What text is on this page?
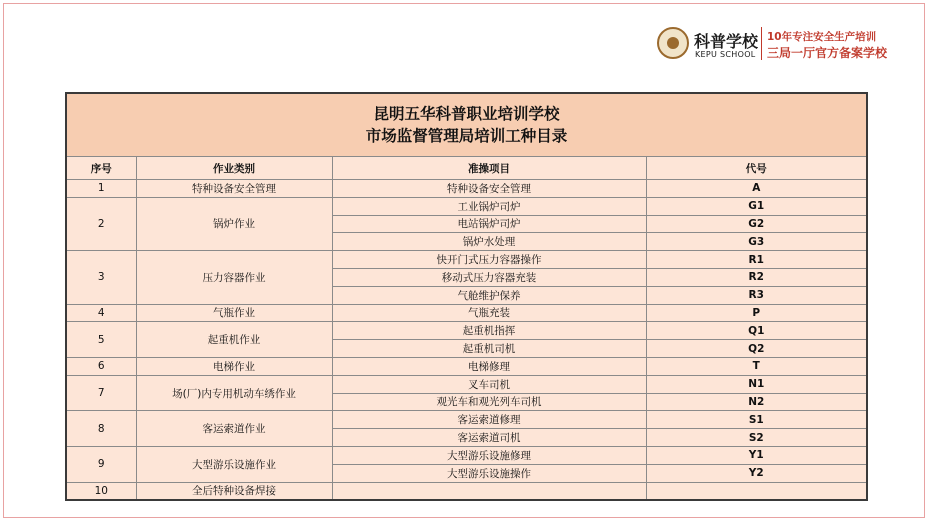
科普学校
KEPU SCHOOL
10年专注安全生产培训
三局一厅官方备案学校
昆明五华科普职业培训学校
市场监督管理局培训工种目录			

序号	作业类别	准操项目	代号
1	特种设备安全管理	特种设备安全管理	A
2	锅炉作业	工业锅炉司炉	G1
		电站锅炉司炉	G2
		锅炉水处理	G3
3	压力容器作业	快开门式压力容器操作	R1
		移动式压力容器充装	R2
		气舱维护保养	R3
4	气瓶作业	气瓶充装	P
5	起重机作业	起重机指挥	Q1
		起重机司机	Q2
6	电梯作业	电梯修理	T
7	场(厂)内专用机动车绣作业	叉车司机	N1
		观光车和观光列车司机	N2
8	客运索道作业	客运索道修理	S1
		客运索道司机	S2
9	大型游乐设施作业	大型游乐设施修理	Y1
		大型游乐设施操作	Y2
10	全后特种设备焊接		
